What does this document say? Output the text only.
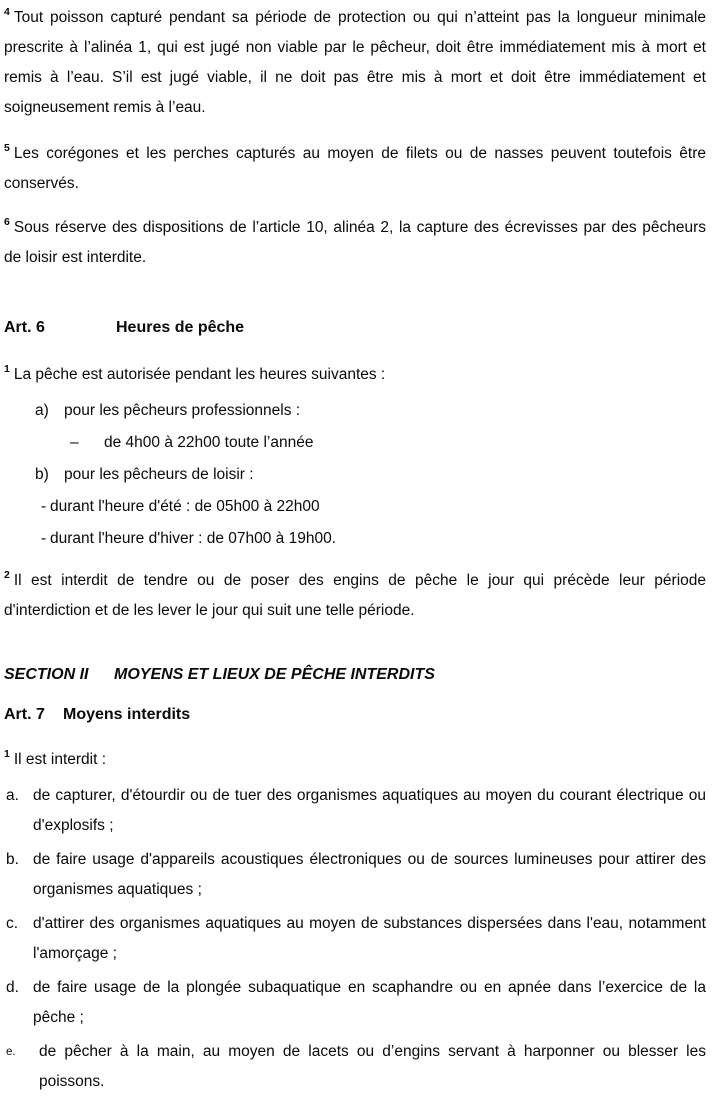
$^4$ Tout poisson capturé pendant sa période de protection ou qui n’atteint pas la longueur minimale prescrite à l’alinéa 1, qui est jugé non viable par le pêcheur, doit être immédiatement mis à mort et remis à l’eau. S’il est jugé viable, il ne doit pas être mis à mort et doit être immédiatement et soigneusement remis à l’eau.

$^5$ Les corégones et les perches capturés au moyen de filets ou de nasses peuvent toutefois être conservés.

$^6$ Sous réserve des dispositions de l’article 10, alinéa 2, la capture des écrevisses par des pêcheurs de loisir est interdite.

Art. 6	Heures de pêche

$^1$ La pêche est autorisée pendant les heures suivantes :

a) pour les pêcheurs professionnels :
–	de 4h00 à 22h00 toute l’année
b) pour les pêcheurs de loisir :
- durant l'heure d'été : de 05h00 à 22h00
- durant l'heure d'hiver : de 07h00 à 19h00.

$^2$ Il est interdit de tendre ou de poser des engins de pêche le jour qui précède leur période d'interdiction et de les lever le jour qui suit une telle période.

SECTION II	MOYENS ET LIEUX DE PÊCHE INTERDITS
Art. 7	Moyens interdits

$^1$ Il est interdit :

a. de capturer, d'étourdir ou de tuer des organismes aquatiques au moyen du courant électrique ou d'explosifs ;
b. de faire usage d'appareils acoustiques électroniques ou de sources lumineuses pour attirer des organismes aquatiques ;
c. d'attirer des organismes aquatiques au moyen de substances dispersées dans l'eau, notamment l'amorçage ;
d. de faire usage de la plongée subaquatique en scaphandre ou en apnée dans l’exercice de la pêche ;
e.	de pêcher à la main, au moyen de lacets ou d’engins servant à harponner ou blesser les poissons.
